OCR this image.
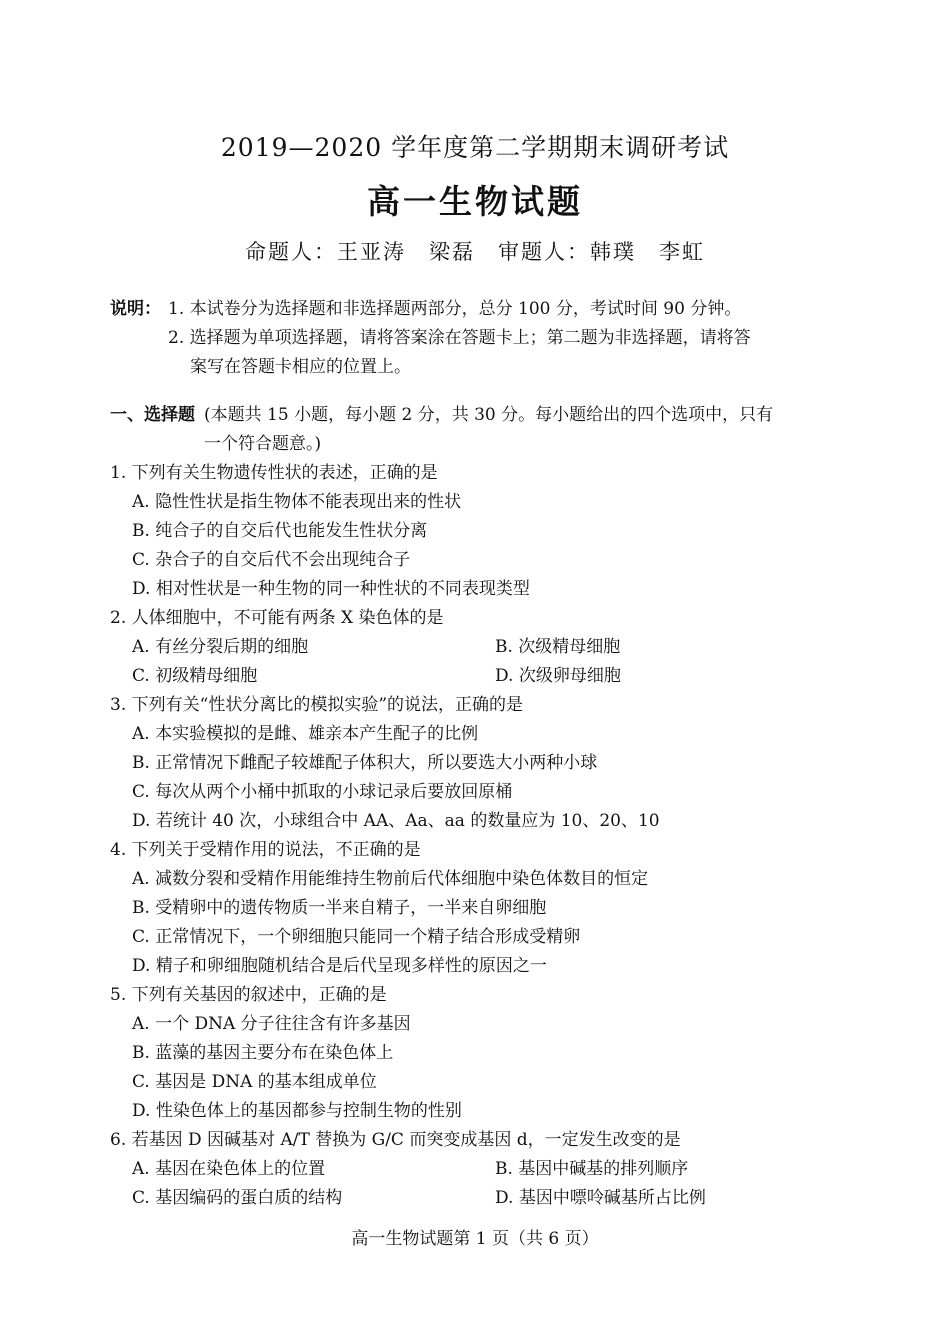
2019—2020 学年度第二学期期末调研考试
高一生物试题
命题人：王亚涛　梁磊　审题人：韩璞　李虹
说明： 1. 本试卷分为选择题和非选择题两部分，总分 100 分，考试时间 90 分钟。
2. 选择题为单项选择题，请将答案涂在答题卡上；第二题为非选择题，请将答
案写在答题卡相应的位置上。
一、选择题 (本题共 15 小题，每小题 2 分，共 30 分。每小题给出的四个选项中，只有
一个符合题意。)
1. 下列有关生物遗传性状的表述，正确的是
A. 隐性性状是指生物体不能表现出来的性状
B. 纯合子的自交后代也能发生性状分离
C. 杂合子的自交后代不会出现纯合子
D. 相对性状是一种生物的同一种性状的不同表现类型
2. 人体细胞中，不可能有两条 X 染色体的是
A. 有丝分裂后期的细胞	B. 次级精母细胞
C. 初级精母细胞	D. 次级卵母细胞
3. 下列有关“性状分离比的模拟实验”的说法，正确的是
A. 本实验模拟的是雌、雄亲本产生配子的比例
B. 正常情况下雌配子较雄配子体积大，所以要选大小两种小球
C. 每次从两个小桶中抓取的小球记录后要放回原桶
D. 若统计 40 次，小球组合中 AA、Aa、aa 的数量应为 10、20、10
4. 下列关于受精作用的说法，不正确的是
A. 减数分裂和受精作用能维持生物前后代体细胞中染色体数目的恒定
B. 受精卵中的遗传物质一半来自精子，一半来自卵细胞
C. 正常情况下，一个卵细胞只能同一个精子结合形成受精卵
D. 精子和卵细胞随机结合是后代呈现多样性的原因之一
5. 下列有关基因的叙述中，正确的是
A. 一个 DNA 分子往往含有许多基因
B. 蓝藻的基因主要分布在染色体上
C. 基因是 DNA 的基本组成单位
D. 性染色体上的基因都参与控制生物的性别
6. 若基因 D 因碱基对 A/T 替换为 G/C 而突变成基因 d，一定发生改变的是
A. 基因在染色体上的位置	B. 基因中碱基的排列顺序
C. 基因编码的蛋白质的结构	D. 基因中嘌呤碱基所占比例
高一生物试题第 1 页（共 6 页）
